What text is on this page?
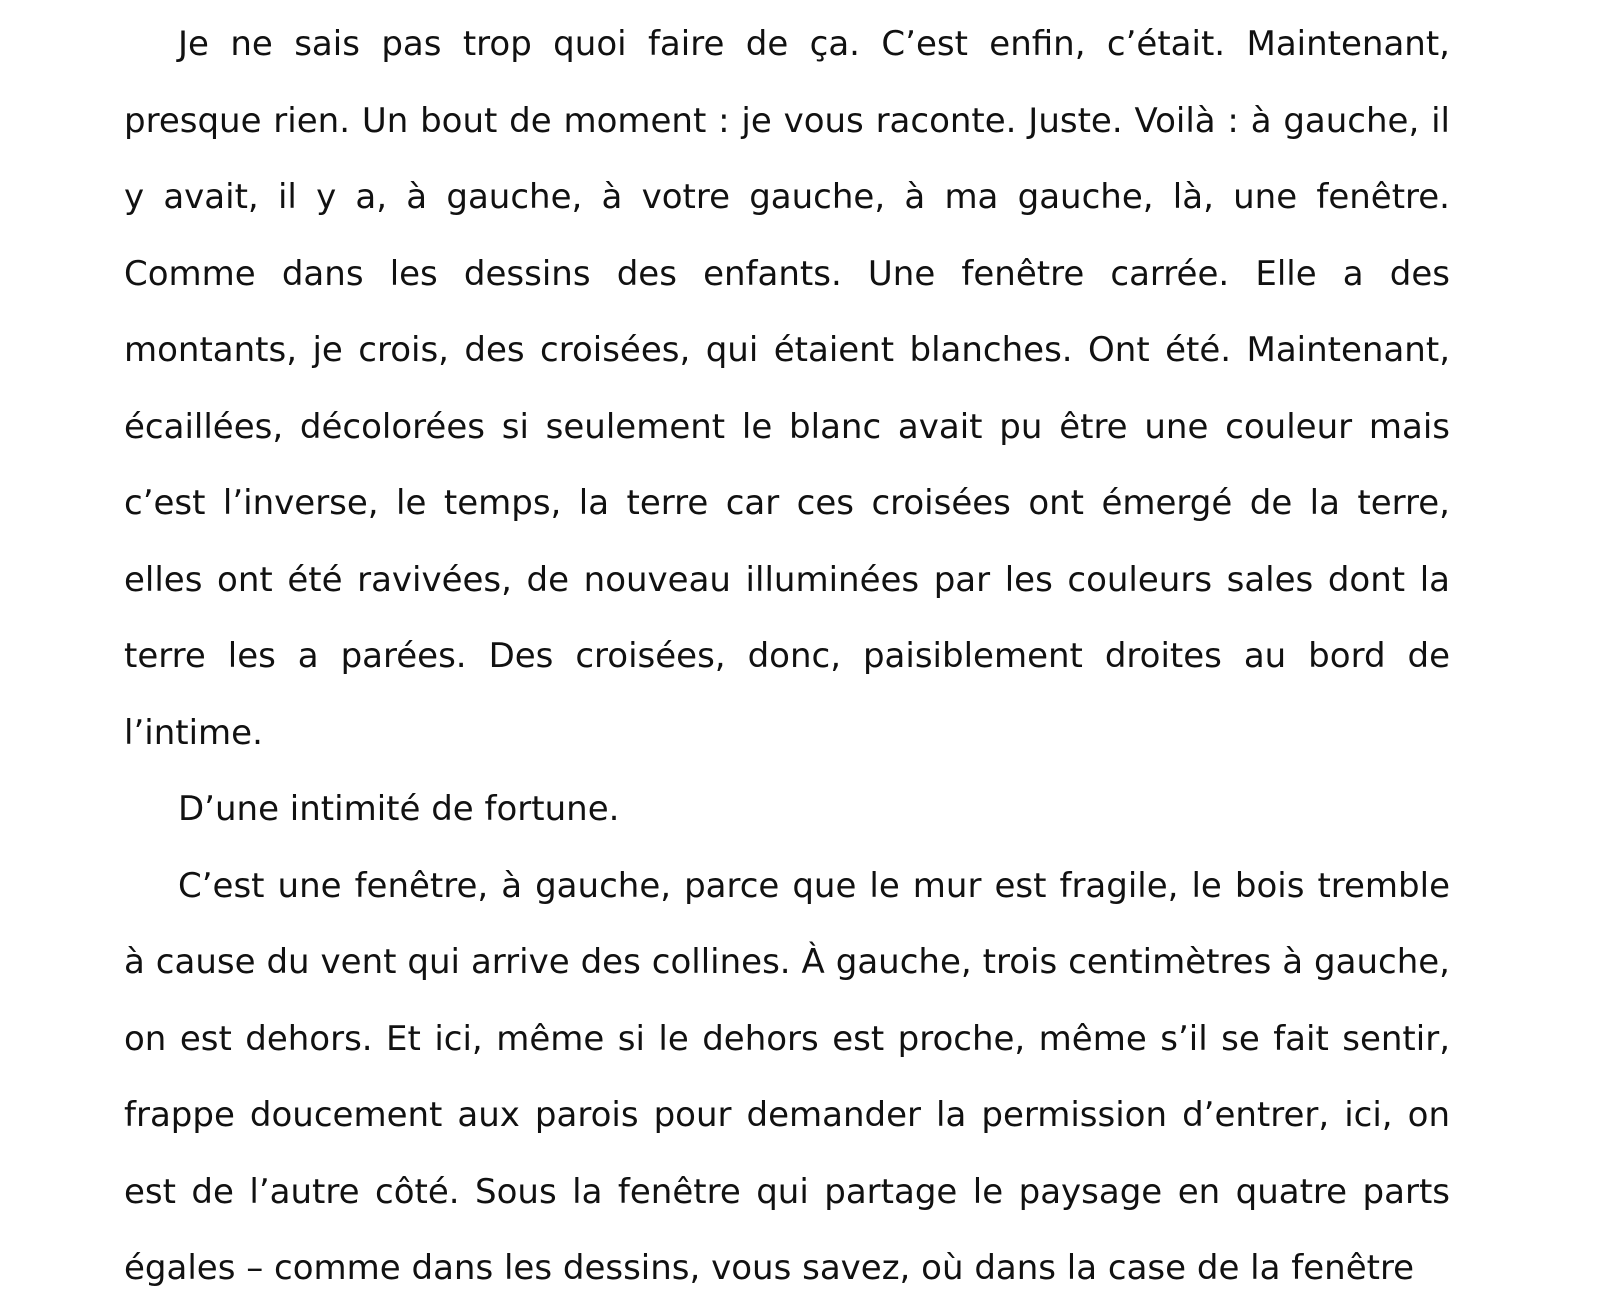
Je ne sais pas trop quoi faire de ça. C’est enfin, c’était. Maintenant, presque rien. Un bout de moment : je vous raconte. Juste. Voilà : à gauche, il y avait, il y a, à gauche, à votre gauche, à ma gauche, là, une fenêtre. Comme dans les dessins des enfants. Une fenêtre carrée. Elle a des montants, je crois, des croisées, qui étaient blanches. Ont été. Maintenant, écaillées, décolorées si seulement le blanc avait pu être une couleur mais c’est l’inverse, le temps, la terre car ces croisées ont émergé de la terre, elles ont été ravivées, de nouveau illuminées par les couleurs sales dont la terre les a parées. Des croisées, donc, paisiblement droites au bord de l’intime.

D’une intimité de fortune.

C’est une fenêtre, à gauche, parce que le mur est fragile, le bois tremble à cause du vent qui arrive des collines. À gauche, trois centimètres à gauche, on est dehors. Et ici, même si le dehors est proche, même s’il se fait sentir, frappe doucement aux parois pour demander la permission d’entrer, ici, on est de l’autre côté. Sous la fenêtre qui partage le paysage en quatre parts égales – comme dans les dessins, vous savez, où dans la case de la fenêtre
